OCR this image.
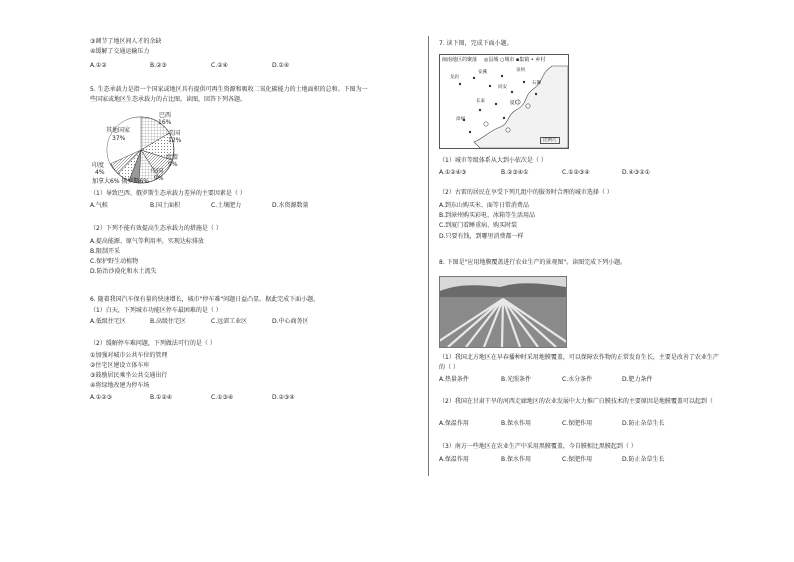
③调节了地区间人才的余缺
④缓解了交通运输压力
A.①②	B.②③	C.②④	D.①④
5. 生态承载力是指一个国家或地区具有提供可再生资源和吸收二氧化碳能力的土地面积的总和。下图为一
些国家或地区生态承载力的占比图。读图，回答下列各题。
其他国家
37%
巴西
16%
美国
12%
欧盟
9%
中国
9%
印度
4%
加拿大6% 俄罗斯6%
（1）导致巴西、俄罗斯生态承载力差异的主要因素是（ ）
A.气候	B.国土面积	C.土壤肥力	D.水资源数量
（2）下列不能有效提高生态承载力的措施是（ ）
A.提高能源、原气等利用率，实现达标排放
B.限制开采
C.保护野生动植物
D.防治沙漠化和水土流失
6. 随着我国汽车保有量的快速增长，城市"停车难"问题日益凸显。据此完成下面小题。
（1）白天，下列城市功能区停车最困难的是（ ）
A.低级住宅区	B.高级住宅区	C.远郊工业区	D.中心商务区
（2）缓解停车难问题，下列做法可行的是（ ）
①加强对城市公共车位的管理
②住宅区建设立体车库
③鼓励居民乘坐公共交通出行
④将绿地改建为停车场
A.①②③	B.①②④	C.①③④	D.②③④
7. 读下图，完成下面小题。
闽南地区的聚落 ◎县城 ○城市 ▪集镇 • 乡村
龙岩
安溪	泉州
石狮
同安
长泰	厦门
漳州
比例尺
（1）城市等级体系从大到小依次是（ ）
A.①②④③	B.②③④①	C.①②③④	D.④③②①
（2）古雷的居民在享受下列几组中的服务时合理的城市选择（ ）
A.到东山购买米、面等日常消费品
B.到漳州购买彩电、冰箱等生活用品
C.到厦门看睡重病、购买时装
D.只要有钱，到哪里消费都一样
8. 下图是"应用地膜覆盖进行农业生产的景观图"。读图完成下列小题。
（1）我国北方地区在早春播种时采用地膜覆盖，可以保障农作物的正常发育生长，主要是改善了农业生产
的（ ）
A.热量条件	B.光照条件	C.水分条件	D.肥力条件
（2）我国在甘肃干旱的河西走廊地区的农业发展中大力推广白膜技术的主要原因是地膜覆盖可以起到（
A.保温作用	B.保水作用	C.保肥作用	D.防止杂草生长
（3）南方一些地区在农业生产中采用黑膜覆盖，今自膜相比黑膜起到（ ）
A.保温作用	B.保水作用	C.保肥作用	D.防止杂草生长
